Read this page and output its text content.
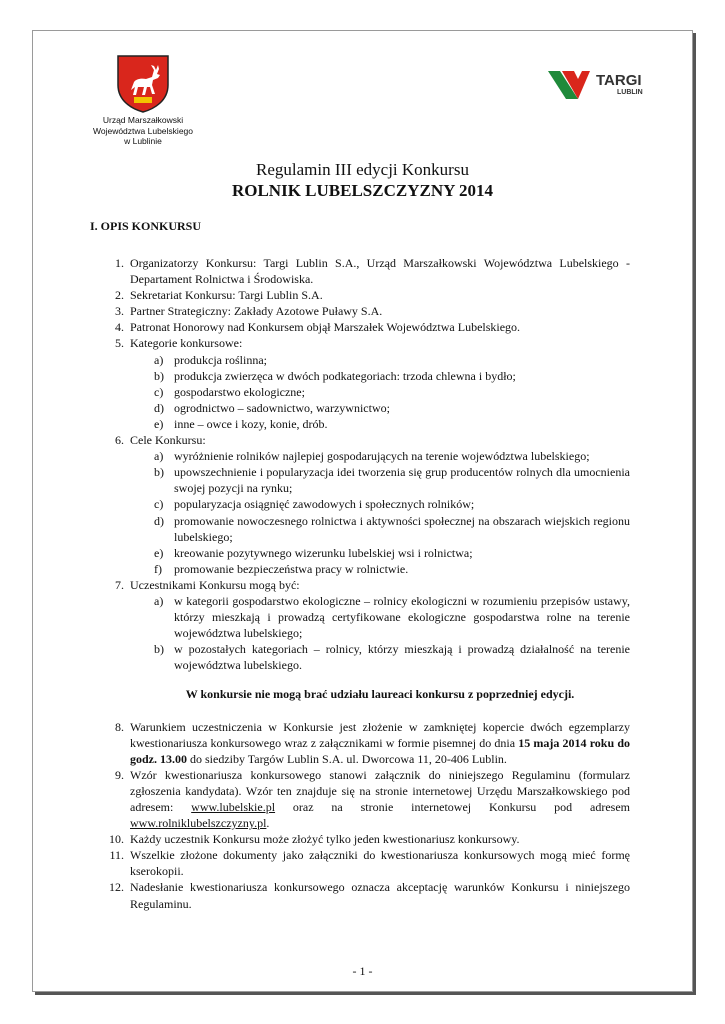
Urząd Marszałkowski
Województwa Lubelskiego
w Lublinie
TARGI
LUBLIN
Regulamin III edycji Konkursu
ROLNIK LUBELSZCZYZNY 2014
I. OPIS KONKURSU
1. Organizatorzy Konkursu: Targi Lublin S.A., Urząd Marszałkowski Województwa Lubelskiego - Departament Rolnictwa i Środowiska.
2. Sekretariat Konkursu: Targi Lublin S.A.
3. Partner Strategiczny: Zakłady Azotowe Puławy S.A.
4. Patronat Honorowy nad Konkursem objął Marszałek Województwa Lubelskiego.
5. Kategorie konkursowe:
a) produkcja roślinna;
b) produkcja zwierzęca w dwóch podkategoriach: trzoda chlewna i bydło;
c) gospodarstwo ekologiczne;
d) ogrodnictwo – sadownictwo, warzywnictwo;
e) inne – owce i kozy, konie, drób.
6. Cele Konkursu:
a) wyróżnienie rolników najlepiej gospodarujących na terenie województwa lubelskiego;
b) upowszechnienie i popularyzacja idei tworzenia się grup producentów rolnych dla umocnienia swojej pozycji na rynku;
c) popularyzacja osiągnięć zawodowych i społecznych rolników;
d) promowanie nowoczesnego rolnictwa i aktywności społecznej na obszarach wiejskich regionu lubelskiego;
e) kreowanie pozytywnego wizerunku lubelskiej wsi i rolnictwa;
f) promowanie bezpieczeństwa pracy w rolnictwie.
7. Uczestnikami Konkursu mogą być:
a) w kategorii gospodarstwo ekologiczne – rolnicy ekologiczni w rozumieniu przepisów ustawy, którzy mieszkają i prowadzą certyfikowane ekologiczne gospodarstwa rolne na terenie województwa lubelskiego;
b) w pozostałych kategoriach – rolnicy, którzy mieszkają i prowadzą działalność na terenie województwa lubelskiego.
W konkursie nie mogą brać udziału laureaci konkursu z poprzedniej edycji.
8. Warunkiem uczestniczenia w Konkursie jest złożenie w zamkniętej kopercie dwóch egzemplarzy kwestionariusza konkursowego wraz z załącznikami w formie pisemnej do dnia 15 maja 2014 roku do godz. 13.00 do siedziby Targów Lublin S.A. ul. Dworcowa 11, 20-406 Lublin.
9. Wzór kwestionariusza konkursowego stanowi załącznik do niniejszego Regulaminu (formularz zgłoszenia kandydata). Wzór ten znajduje się na stronie internetowej Urzędu Marszałkowskiego pod adresem: www.lubelskie.pl oraz na stronie internetowej Konkursu pod adresem www.rolniklubelszczyzny.pl.
10. Każdy uczestnik Konkursu może złożyć tylko jeden kwestionariusz konkursowy.
11. Wszelkie złożone dokumenty jako załączniki do kwestionariusza konkursowych mogą mieć formę kserokopii.
12. Nadesłanie kwestionariusza konkursowego oznacza akceptację warunków Konkursu i niniejszego Regulaminu.
- 1 -
